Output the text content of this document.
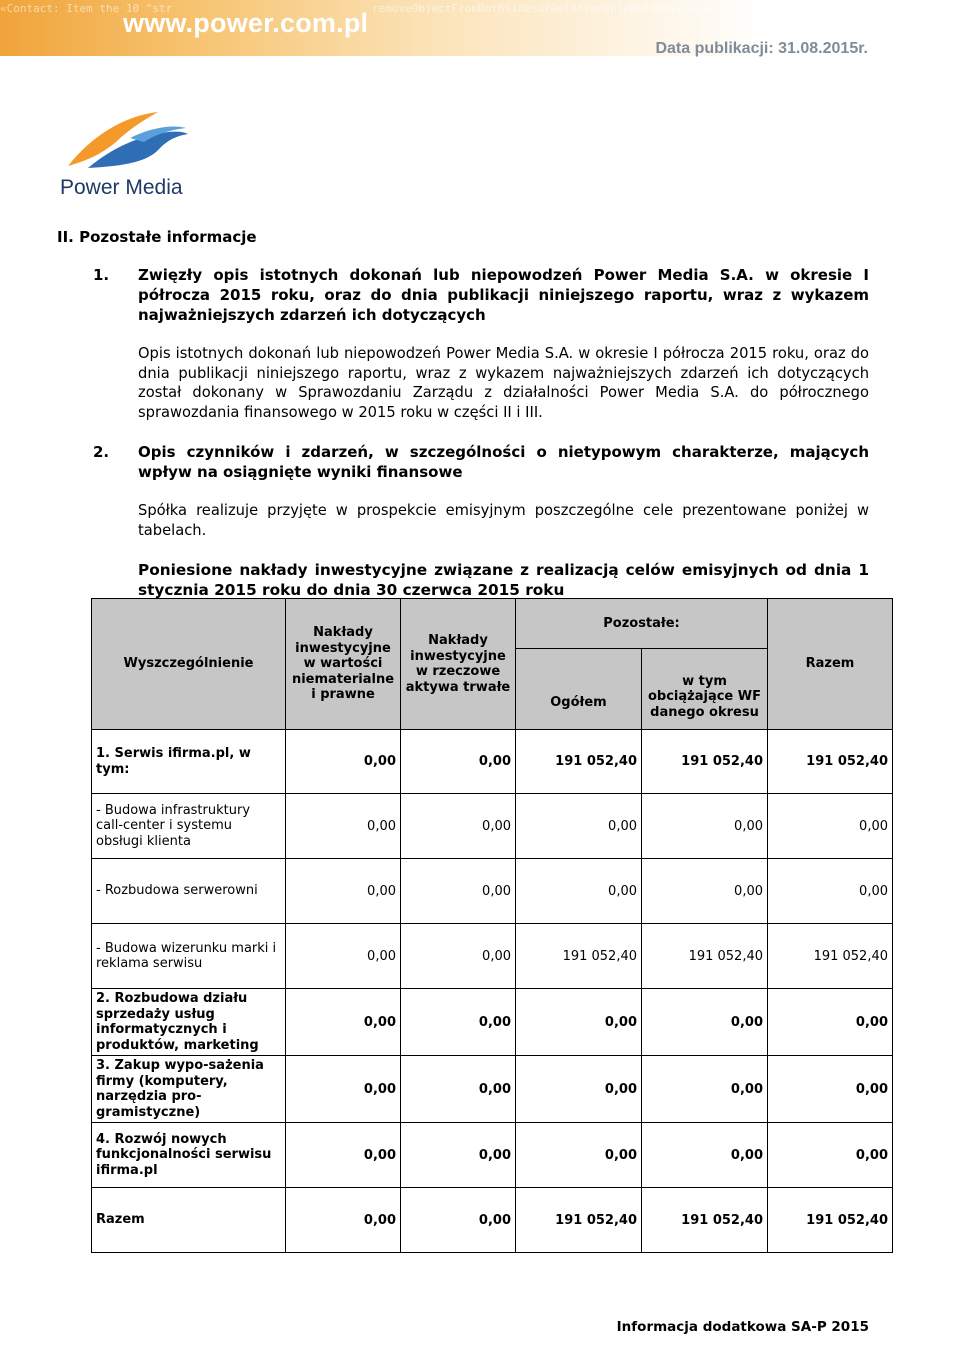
«Contact: Item the 10 "str	removeObjectFromBothSidesOfRelationshipWithKey(object, "targetObject")
www.power.com.pl
Data publikacji: 31.08.2015r.
Power Media
II. Pozostałe informacje
1. Zwięzły opis istotnych dokonań lub niepowodzeń Power Media S.A. w okresie I półrocza 2015 roku, oraz do dnia publikacji niniejszego raportu, wraz z wykazem najważniejszych zdarzeń ich dotyczących
Opis istotnych dokonań lub niepowodzeń Power Media S.A. w okresie I półrocza 2015 roku, oraz do dnia publikacji niniejszego raportu, wraz z wykazem najważniejszych zdarzeń ich dotyczących został dokonany w Sprawozdaniu Zarządu z działalności Power Media S.A. do półrocznego sprawozdania finansowego w 2015 roku w części II i III.
2. Opis czynników i zdarzeń, w szczególności o nietypowym charakterze, mających wpływ na osiągnięte wyniki finansowe
Spółka realizuje przyjęte w prospekcie emisyjnym poszczególne cele prezentowane poniżej w tabelach.
Poniesione nakłady inwestycyjne związane z realizacją celów emisyjnych od dnia 1 stycznia 2015 roku do dnia 30 czerwca 2015 roku
Wyszczególnienie	Nakłady inwestycyjne w wartości niematerialne i prawne	Nakłady inwestycyjne w rzeczowe aktywa trwałe	Pozostałe:		Razem
			Ogółem	w tym obciążające WF danego okresu	
1. Serwis ifirma.pl, w tym:	0,00	0,00	191 052,40	191 052,40	191 052,40
- Budowa infrastruktury call-center i systemu obsługi klienta	0,00	0,00	0,00	0,00	0,00
- Rozbudowa serwerowni	0,00	0,00	0,00	0,00	0,00
- Budowa wizerunku marki i reklama serwisu	0,00	0,00	191 052,40	191 052,40	191 052,40
2. Rozbudowa działu sprzedaży usług informatycznych i produktów, marketing	0,00	0,00	0,00	0,00	0,00
3. Zakup wypo-sażenia firmy (komputery, narzędzia pro-gramistyczne)	0,00	0,00	0,00	0,00	0,00
4. Rozwój nowych funkcjonalności serwisu ifirma.pl	0,00	0,00	0,00	0,00	0,00
Razem	0,00	0,00	191 052,40	191 052,40	191 052,40
Informacja dodatkowa SA-P 2015
